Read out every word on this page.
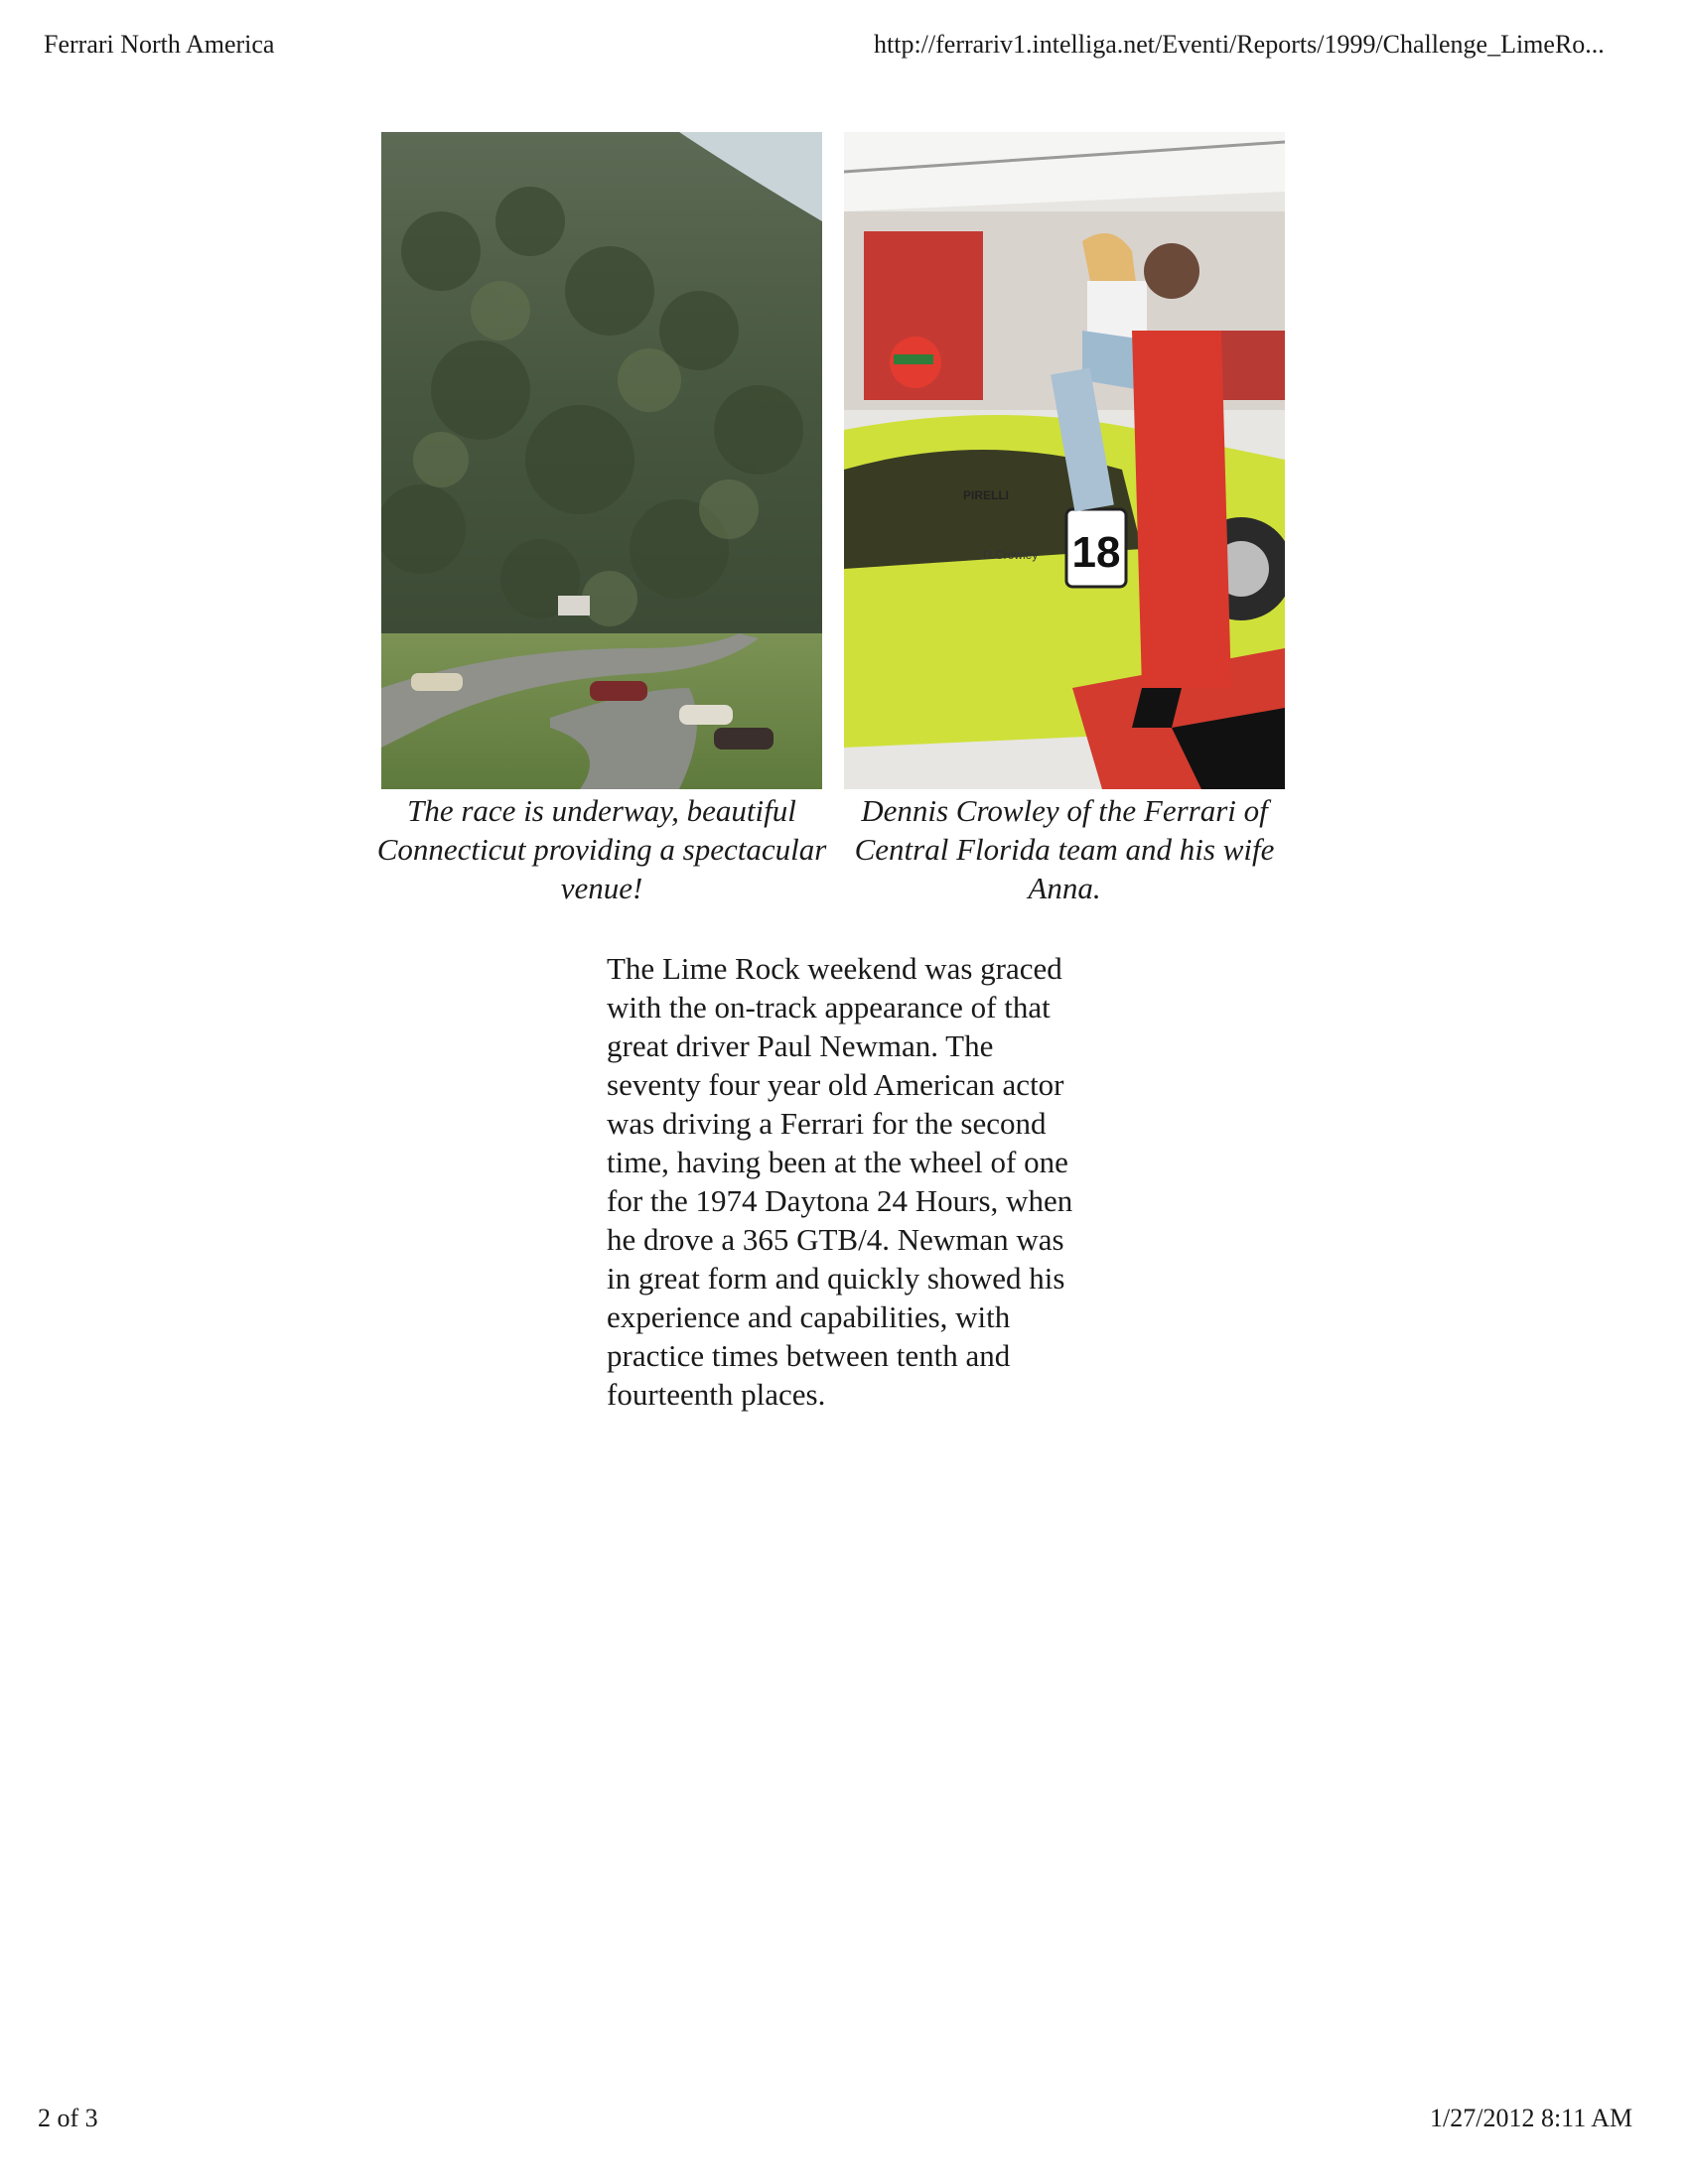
Ferrari North America	http://ferrariv1.intelliga.net/Eventi/Reports/1999/Challenge_LimeRo...
18
D.Crowley
PIRELLI
The race is underway, beautiful Connecticut providing a spectacular venue!
Dennis Crowley of the Ferrari of Central Florida team and his wife Anna.

The Lime Rock weekend was graced with the on-track appearance of that great driver Paul Newman. The seventy four year old American actor was driving a Ferrari for the second time, having been at the wheel of one for the 1974 Daytona 24 Hours, when he drove a 365 GTB/4. Newman was in great form and quickly showed his experience and capabilities, with practice times between tenth and fourteenth places.

2 of 3	1/27/2012 8:11 AM
